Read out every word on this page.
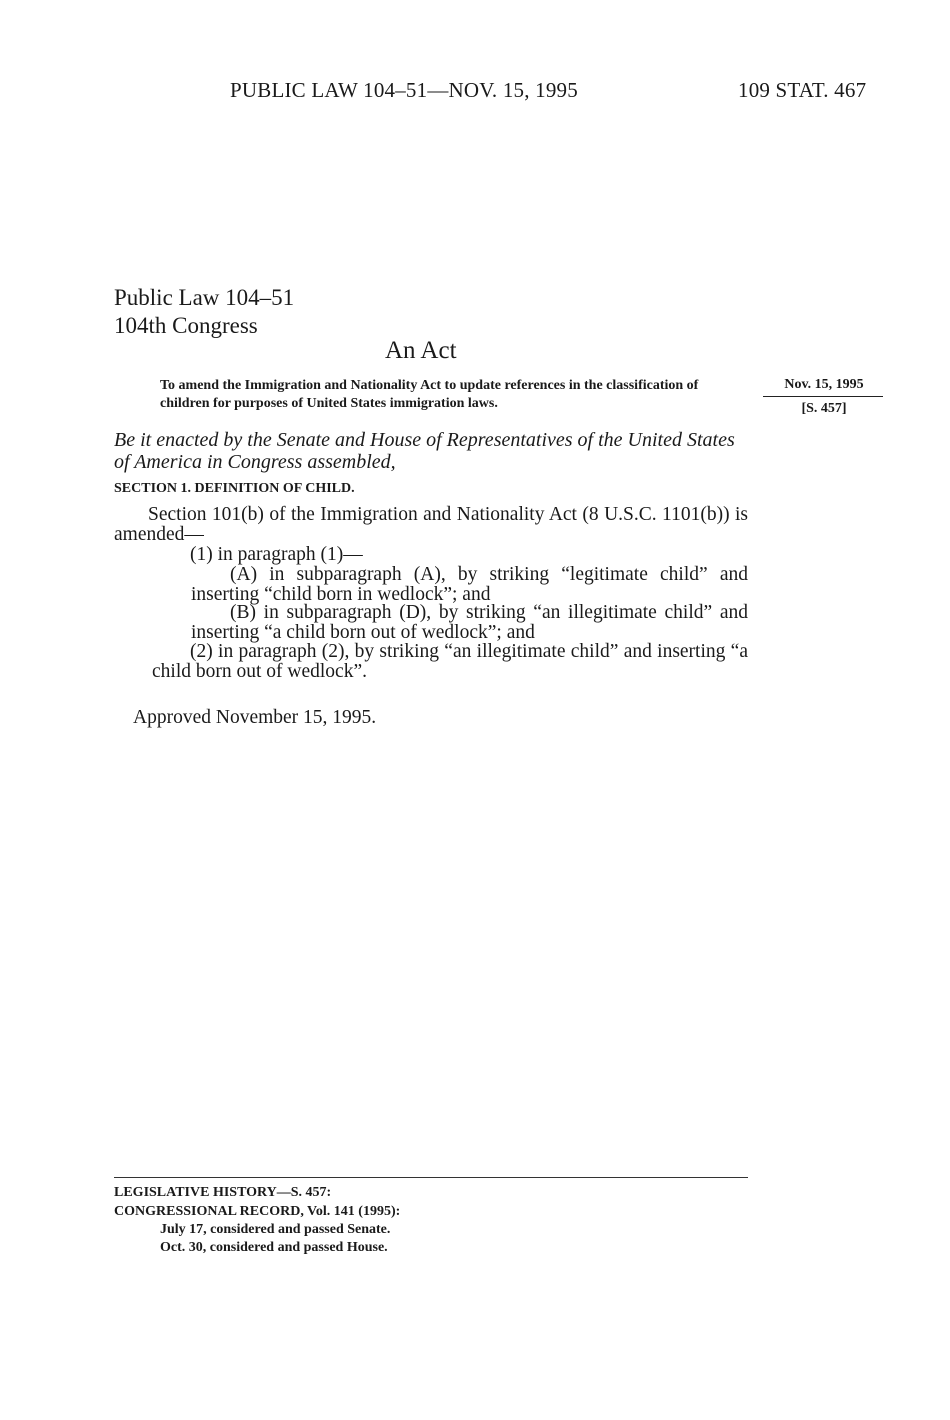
PUBLIC LAW 104–51—NOV. 15, 1995	109 STAT. 467
Public Law 104–51
104th Congress
An Act
To amend the Immigration and Nationality Act to update references in the classification of children for purposes of United States immigration laws.
Nov. 15, 1995
[S. 457]
Be it enacted by the Senate and House of Representatives of the United States of America in Congress assembled,
SECTION 1. DEFINITION OF CHILD.
Section 101(b) of the Immigration and Nationality Act (8 U.S.C. 1101(b)) is amended—
(1) in paragraph (1)—
(A) in subparagraph (A), by striking “legitimate child” and inserting “child born in wedlock”; and
(B) in subparagraph (D), by striking “an illegitimate child” and inserting “a child born out of wedlock”; and
(2) in paragraph (2), by striking “an illegitimate child” and inserting “a child born out of wedlock”.
Approved November 15, 1995.
LEGISLATIVE HISTORY—S. 457:
CONGRESSIONAL RECORD, Vol. 141 (1995):
July 17, considered and passed Senate.
Oct. 30, considered and passed House.
